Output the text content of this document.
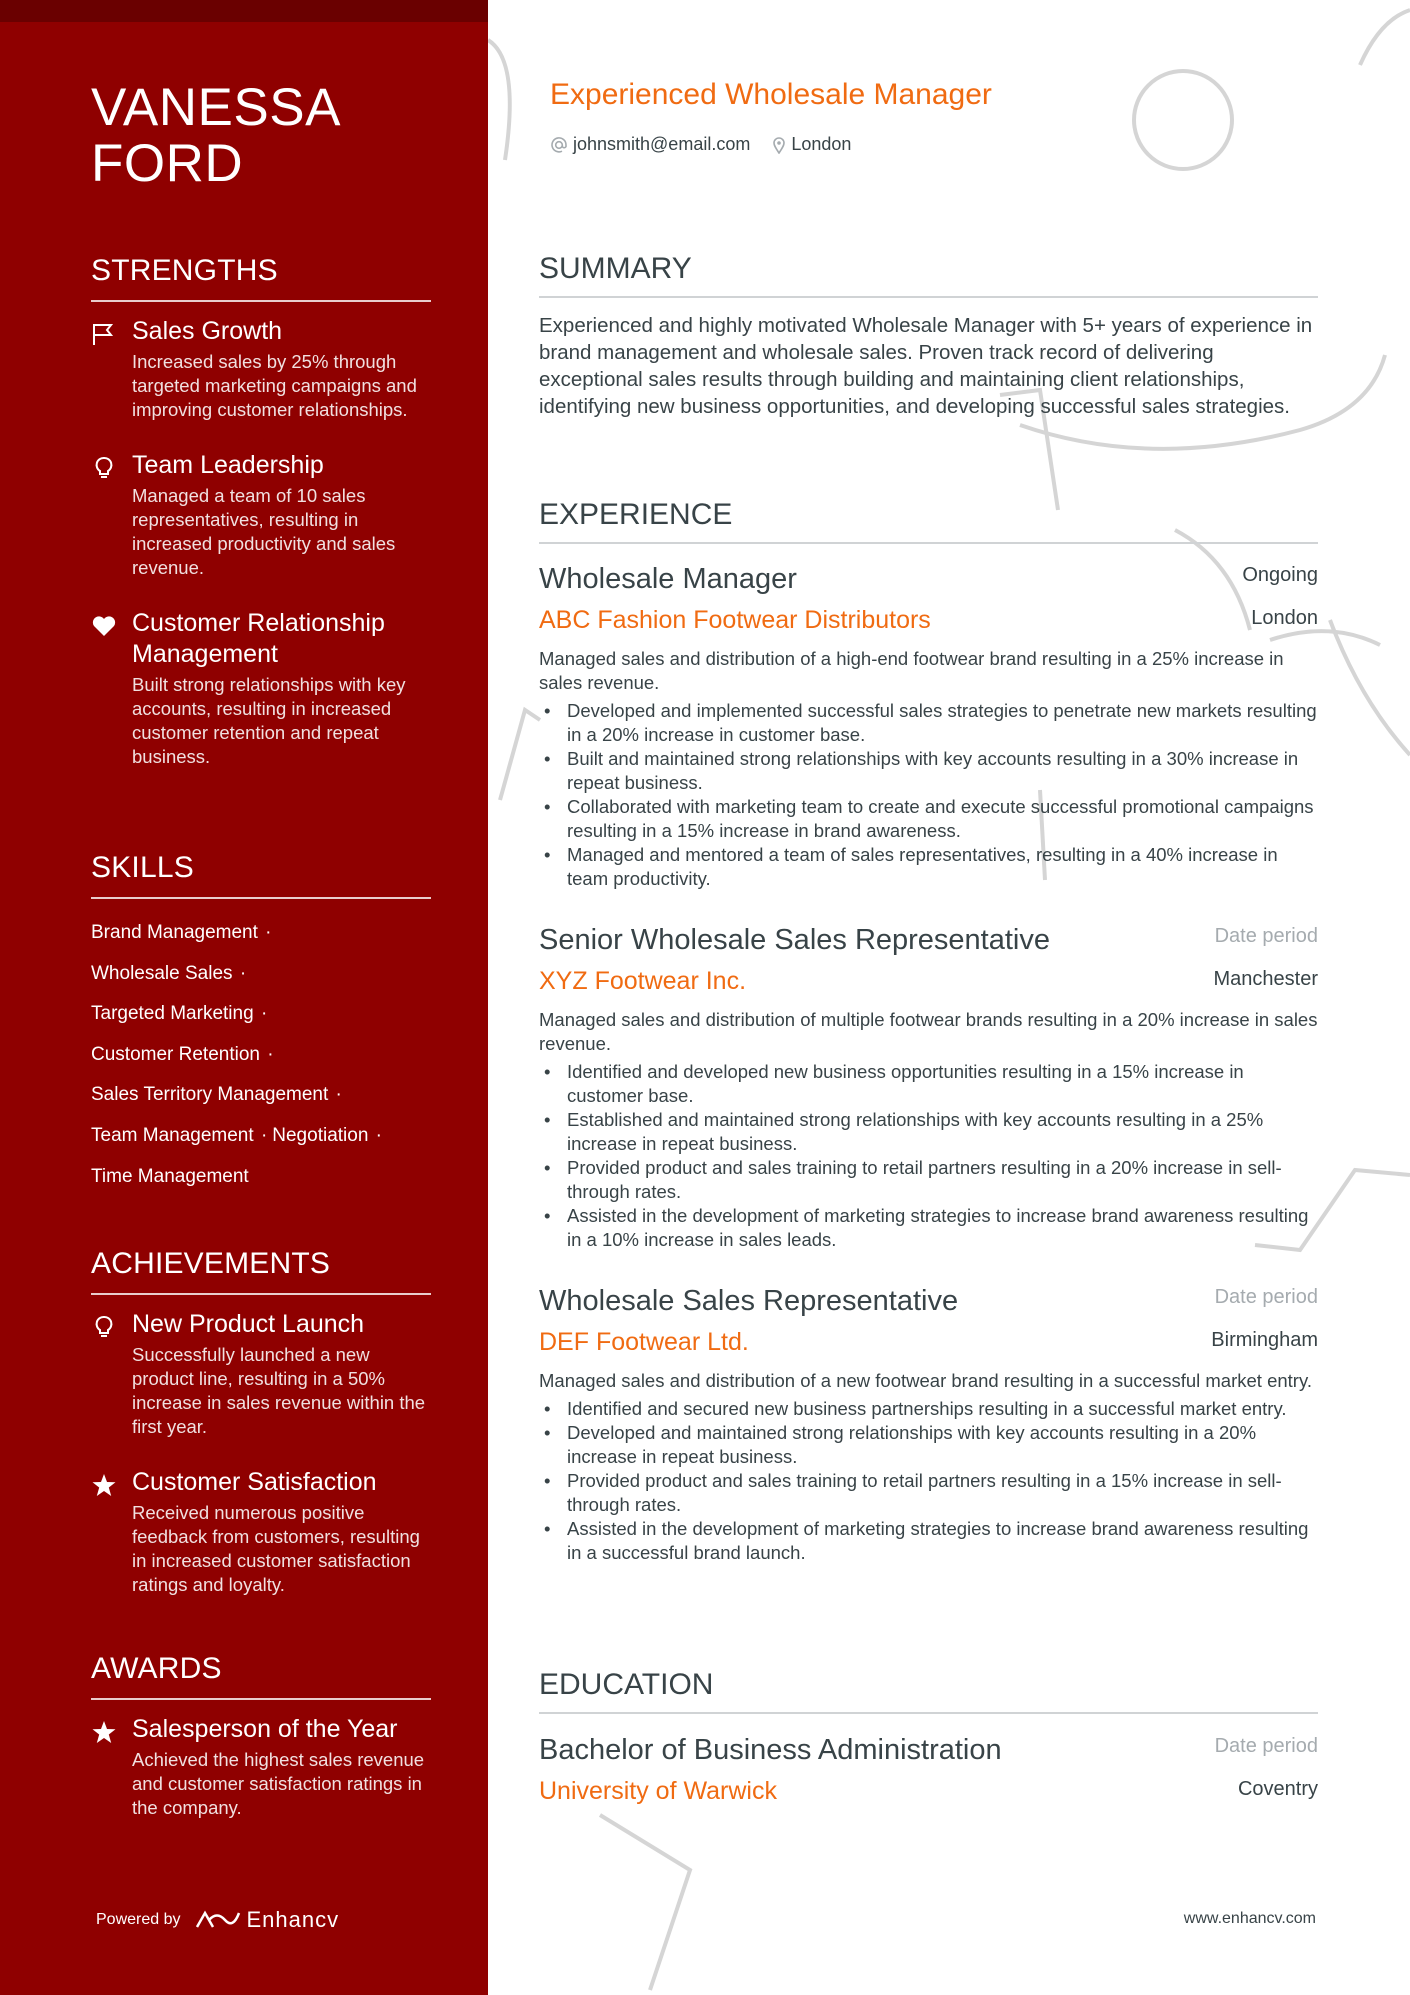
VANESSA
FORD
STRENGTHS
Sales Growth
Increased sales by 25% through targeted marketing campaigns and improving customer relationships.
Team Leadership
Managed a team of 10 sales representatives, resulting in increased productivity and sales revenue.
Customer Relationship Management
Built strong relationships with key accounts, resulting in increased customer retention and repeat business.
SKILLS
Brand Management ·
Wholesale Sales ·
Targeted Marketing ·
Customer Retention ·
Sales Territory Management ·
Team Management · Negotiation ·
Time Management
ACHIEVEMENTS
New Product Launch
Successfully launched a new product line, resulting in a 50% increase in sales revenue within the first year.
Customer Satisfaction
Received numerous positive feedback from customers, resulting in increased customer satisfaction ratings and loyalty.
AWARDS
Salesperson of the Year
Achieved the highest sales revenue and customer satisfaction ratings in the company.
Powered by	Enhancv
Experienced Wholesale Manager
johnsmith@email.com London
SUMMARY
Experienced and highly motivated Wholesale Manager with 5+ years of experience in brand management and wholesale sales. Proven track record of delivering exceptional sales results through building and maintaining client relationships, identifying new business opportunities, and developing successful sales strategies.
EXPERIENCE
Wholesale Manager
ABC Fashion Footwear Distributors
Ongoing
London
Managed sales and distribution of a high-end footwear brand resulting in a 25% increase in sales revenue.
• Developed and implemented successful sales strategies to penetrate new markets resulting in a 20% increase in customer base.
• Built and maintained strong relationships with key accounts resulting in a 30% increase in repeat business.
• Collaborated with marketing team to create and execute successful promotional campaigns resulting in a 15% increase in brand awareness.
• Managed and mentored a team of sales representatives, resulting in a 40% increase in team productivity.
Senior Wholesale Sales Representative
XYZ Footwear Inc.
Date period
Manchester
Managed sales and distribution of multiple footwear brands resulting in a 20% increase in sales revenue.
• Identified and developed new business opportunities resulting in a 15% increase in customer base.
• Established and maintained strong relationships with key accounts resulting in a 25% increase in repeat business.
• Provided product and sales training to retail partners resulting in a 20% increase in sell-through rates.
• Assisted in the development of marketing strategies to increase brand awareness resulting in a 10% increase in sales leads.
Wholesale Sales Representative
DEF Footwear Ltd.
Date period
Birmingham
Managed sales and distribution of a new footwear brand resulting in a successful market entry.
• Identified and secured new business partnerships resulting in a successful market entry.
• Developed and maintained strong relationships with key accounts resulting in a 20% increase in repeat business.
• Provided product and sales training to retail partners resulting in a 15% increase in sell-through rates.
• Assisted in the development of marketing strategies to increase brand awareness resulting in a successful brand launch.
EDUCATION
Bachelor of Business Administration
University of Warwick
Date period
Coventry
www.enhancv.com
